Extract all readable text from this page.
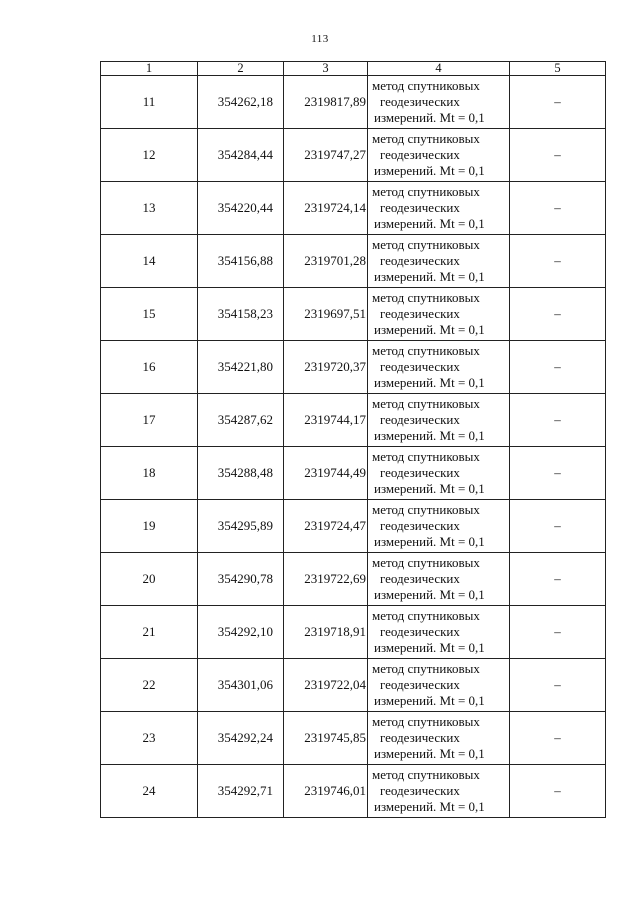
113
1	2	3	4	5
11	354262,18	2319817,89	метод спутниковых
геодезических
измерений. Mt = 0,1	–
12	354284,44	2319747,27	метод спутниковых
геодезических
измерений. Mt = 0,1	–
13	354220,44	2319724,14	метод спутниковых
геодезических
измерений. Mt = 0,1	–
14	354156,88	2319701,28	метод спутниковых
геодезических
измерений. Mt = 0,1	–
15	354158,23	2319697,51	метод спутниковых
геодезических
измерений. Mt = 0,1	–
16	354221,80	2319720,37	метод спутниковых
геодезических
измерений. Mt = 0,1	–
17	354287,62	2319744,17	метод спутниковых
геодезических
измерений. Mt = 0,1	–
18	354288,48	2319744,49	метод спутниковых
геодезических
измерений. Mt = 0,1	–
19	354295,89	2319724,47	метод спутниковых
геодезических
измерений. Mt = 0,1	–
20	354290,78	2319722,69	метод спутниковых
геодезических
измерений. Mt = 0,1	–
21	354292,10	2319718,91	метод спутниковых
геодезических
измерений. Mt = 0,1	–
22	354301,06	2319722,04	метод спутниковых
геодезических
измерений. Mt = 0,1	–
23	354292,24	2319745,85	метод спутниковых
геодезических
измерений. Mt = 0,1	–
24	354292,71	2319746,01	метод спутниковых
геодезических
измерений. Mt = 0,1	–
